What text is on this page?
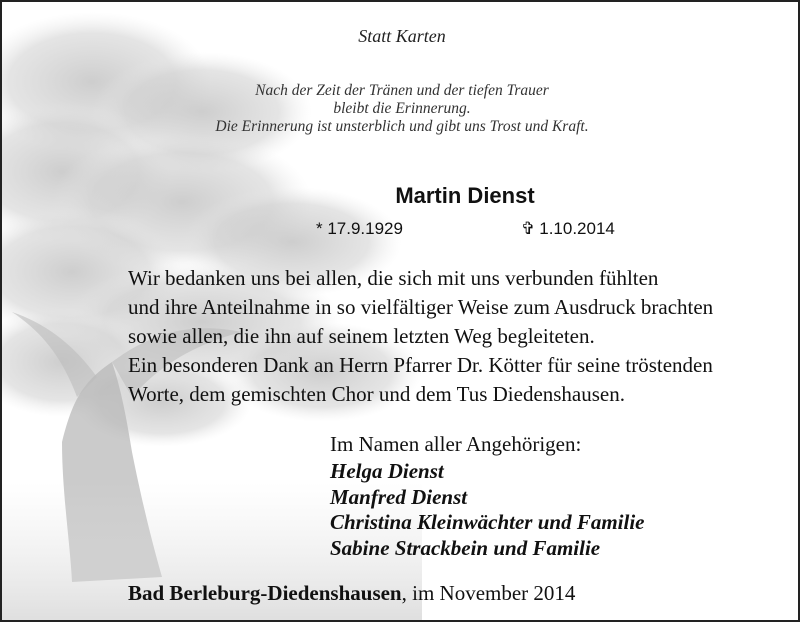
Statt Karten
Nach der Zeit der Tränen und der tiefen Trauer
bleibt die Erinnerung.
Die Erinnerung ist unsterblich und gibt uns Trost und Kraft.
Martin Dienst
* 17.9.1929	✞ 1.10.2014
Wir bedanken uns bei allen, die sich mit uns verbunden fühlten
und ihre Anteilnahme in so vielfältiger Weise zum Ausdruck brachten
sowie allen, die ihn auf seinem letzten Weg begleiteten.
Ein besonderen Dank an Herrn Pfarrer Dr. Kötter für seine tröstenden
Worte, dem gemischten Chor und dem Tus Diedenshausen.
Im Namen aller Angehörigen:
Helga Dienst
Manfred Dienst
Christina Kleinwächter und Familie
Sabine Strackbein und Familie
Bad Berleburg-Diedenshausen, im November 2014
